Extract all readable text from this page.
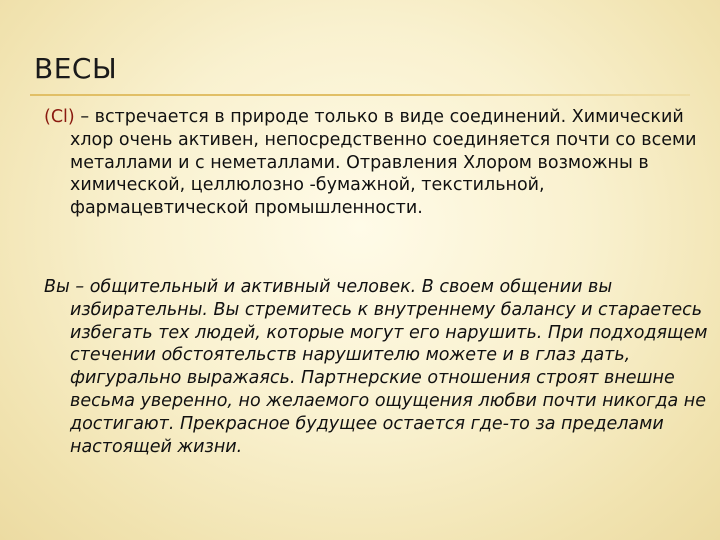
ВЕСЫ

(Cl) – встречается в природе только в виде соединений. Химический хлор очень активен, непосредственно соединяется почти со всеми металлами и с неметаллами. Отравления Хлором возможны в химической, целлюлозно -бумажной, текстильной, фармацевтической промышленности.

Вы – общительный и активный человек. В своем общении вы избирательны. Вы стремитесь к внутреннему балансу и стараетесь избегать тех людей, которые могут его нарушить. При подходящем стечении обстоятельств нарушителю можете и в глаз дать, фигурально выражаясь. Партнерские отношения строят внешне весьма уверенно, но желаемого ощущения любви почти никогда не достигают. Прекрасное будущее остается где-то за пределами настоящей жизни.
